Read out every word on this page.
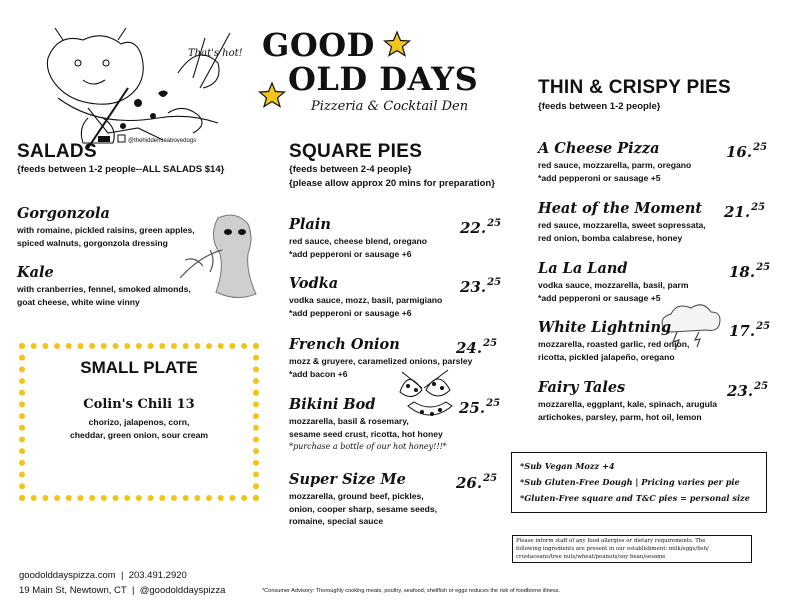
That's hot!
@thehiddenseabovedogs
GOOD
OLD DAYS
Pizzeria & Cocktail Den
SALADS
{feeds between 1-2 people--ALL SALADS $14}
Gorgonzola
with romaine, pickled raisins, green apples,
spiced walnuts, gorgonzola dressing
Kale
with cranberries, fennel, smoked almonds,
goat cheese, white wine vinny
SMALL PLATE
Colin's Chili 13
chorizo, jalapenos, corn,
cheddar, green onion, sour cream
SQUARE PIES
{feeds between 2-4 people}
{please allow approx 20 mins for preparation}
Plain
red sauce, cheese blend, oregano
*add pepperoni or sausage +6
22.25
Vodka
vodka sauce, mozz, basil, parmigiano
*add pepperoni or sausage +6
23.25
French Onion
mozz & gruyere, caramelized onions, parsley
*add bacon +6
24.25
Bikini Bod
mozzarella, basil & rosemary,
sesame seed crust, ricotta, hot honey
*purchase a bottle of our hot honey!!!*
25.25
Super Size Me
mozzarella, ground beef, pickles,
onion, cooper sharp, sesame seeds,
romaine, special sauce
26.25
THIN & CRISPY PIES
{feeds between 1-2 people}
A Cheese Pizza
red sauce, mozzarella, parm, oregano
*add pepperoni or sausage +5
16.25
Heat of the Moment
red sauce, mozzarella, sweet sopressata,
red onion, bomba calabrese, honey
21.25
La La Land
vodka sauce, mozzarella, basil, parm
*add pepperoni or sausage +5
18.25
White Lightning
mozzarella, roasted garlic, red onion,
ricotta, pickled jalapeño, oregano
17.25
Fairy Tales
mozzarella, eggplant, kale, spinach, arugula
artichokes, parsley, parm, hot oil, lemon
23.25
*Sub Vegan Mozz +4
*Sub Gluten-Free Dough | Pricing varies per pie
*Gluten-Free square and T&C pies = personal size
Please inform staff of any food allergies or dietary requirements. The
following ingredients are present in our establishment: milk/eggs/fish/
crustaceans/tree nuts/wheat/peanuts/soy bean/sesame
goodolddayspizza.com | 203.491.2920
19 Main St, Newtown, CT | @goodolddayspizza	*Consumer Advisory: Thoroughly cooking meats, poultry, seafood, shellfish or eggs reduces the risk of foodborne illness.
